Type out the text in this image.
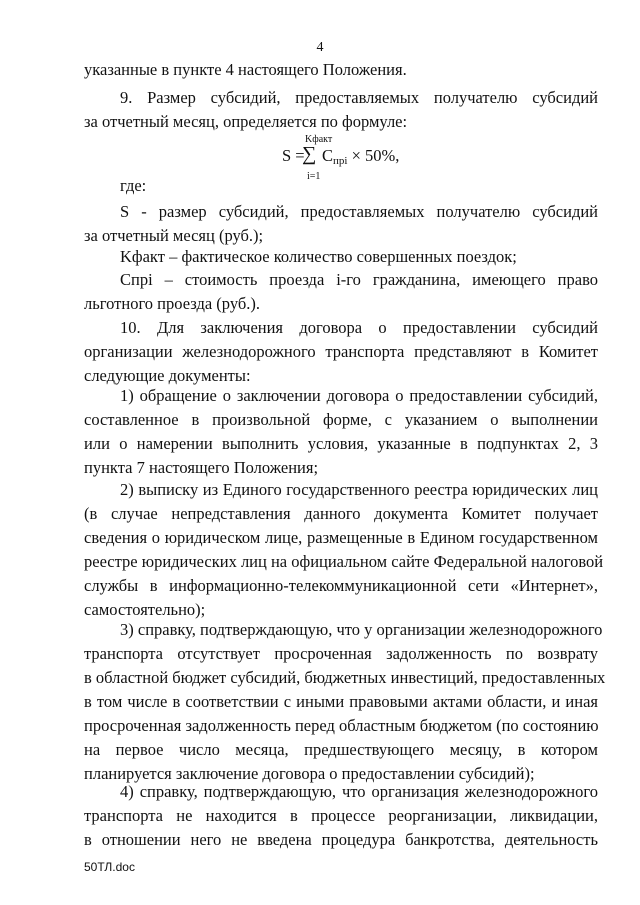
4
указанные в пункте 4 настоящего Положения.
9. Размер субсидий, предоставляемых получателю субсидий
за отчетный месяц, определяется по формуле:
S =
Kфакт
∑
i=1
Cпpi × 50%,
где:
S - размер субсидий, предоставляемых получателю субсидий
за отчетный месяц (руб.);
Kфакт – фактическое количество совершенных поездок;
Cпрi – стоимость проезда i-го гражданина, имеющего право
льготного проезда (руб.).
10. Для заключения договора о предоставлении субсидий
организации железнодорожного транспорта представляют в Комитет
следующие документы:
1) обращение о заключении договора о предоставлении субсидий,
составленное в произвольной форме, с указанием о выполнении
или о намерении выполнить условия, указанные в подпунктах 2, 3
пункта 7 настоящего Положения;
2) выписку из Единого государственного реестра юридических лиц
(в случае непредставления данного документа Комитет получает
сведения о юридическом лице, размещенные в Едином государственном
реестре юридических лиц на официальном сайте Федеральной налоговой
службы в информационно-телекоммуникационной сети «Интернет»,
самостоятельно);
3) справку, подтверждающую, что у организации железнодорожного
транспорта отсутствует просроченная задолженность по возврату
в областной бюджет субсидий, бюджетных инвестиций, предоставленных
в том числе в соответствии с иными правовыми актами области, и иная
просроченная задолженность перед областным бюджетом (по состоянию
на первое число месяца, предшествующего месяцу, в котором
планируется заключение договора о предоставлении субсидий);
4) справку, подтверждающую, что организация железнодорожного
транспорта не находится в процессе реорганизации, ликвидации,
в отношении него не введена процедура банкротства, деятельность
50ТЛ.doc
